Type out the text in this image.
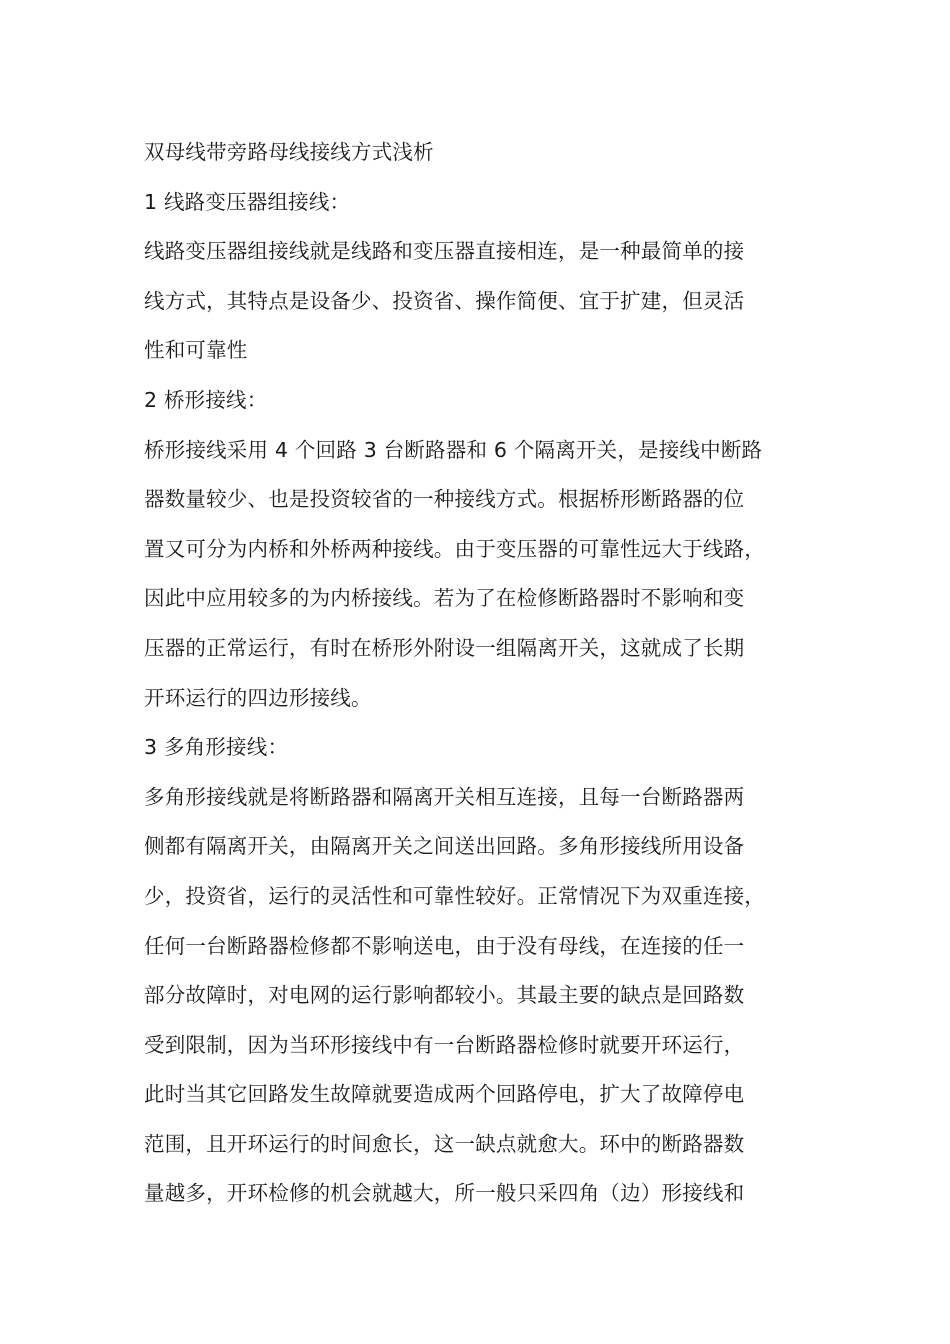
双母线带旁路母线接线方式浅析
1 线路变压器组接线：
线路变压器组接线就是线路和变压器直接相连，是一种最简单的接
线方式，其特点是设备少、投资省、操作简便、宜于扩建，但灵活
性和可靠性
2 桥形接线：
桥形接线采用 4 个回路 3 台断路器和 6 个隔离开关，是接线中断路
器数量较少、也是投资较省的一种接线方式。根据桥形断路器的位
置又可分为内桥和外桥两种接线。由于变压器的可靠性远大于线路，
因此中应用较多的为内桥接线。若为了在检修断路器时不影响和变
压器的正常运行，有时在桥形外附设一组隔离开关，这就成了长期
开环运行的四边形接线。
3 多角形接线：
多角形接线就是将断路器和隔离开关相互连接，且每一台断路器两
侧都有隔离开关，由隔离开关之间送出回路。多角形接线所用设备
少，投资省，运行的灵活性和可靠性较好。正常情况下为双重连接，
任何一台断路器检修都不影响送电，由于没有母线，在连接的任一
部分故障时，对电网的运行影响都较小。其最主要的缺点是回路数
受到限制，因为当环形接线中有一台断路器检修时就要开环运行，
此时当其它回路发生故障就要造成两个回路停电，扩大了故障停电
范围，且开环运行的时间愈长，这一缺点就愈大。环中的断路器数
量越多，开环检修的机会就越大，所一般只采四角（边）形接线和
